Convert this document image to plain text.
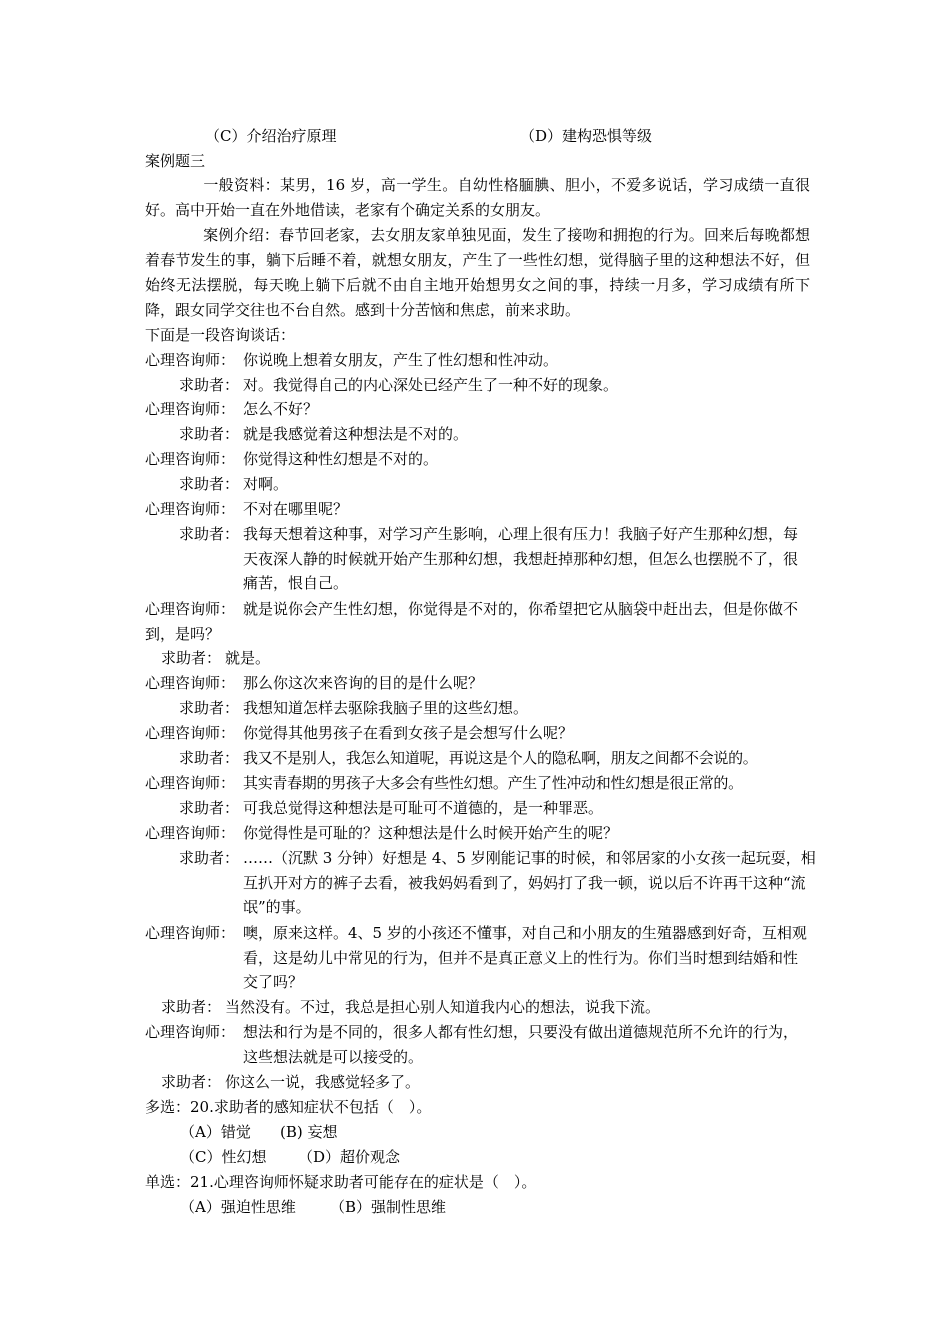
（C）介绍治疗原理	（D）建构恐惧等级
案例题三
一般资料：某男，16 岁，高一学生。自幼性格腼腆、胆小，不爱多说话，学习成绩一直很好。高中开始一直在外地借读，老家有个确定关系的女朋友。
案例介绍：春节回老家，去女朋友家单独见面，发生了接吻和拥抱的行为。回来后每晚都想着春节发生的事，躺下后睡不着，就想女朋友，产生了一些性幻想，觉得脑子里的这种想法不好，但始终无法摆脱，每天晚上躺下后就不由自主地开始想男女之间的事，持续一月多，学习成绩有所下降，跟女同学交往也不台自然。感到十分苦恼和焦虑，前来求助。
下面是一段咨询谈话：
心理咨询师： 你说晚上想着女朋友，产生了性幻想和性冲动。
求助者： 对。我觉得自己的内心深处已经产生了一种不好的现象。
心理咨询师： 怎么不好？
求助者： 就是我感觉着这种想法是不对的。
心理咨询师： 你觉得这种性幻想是不对的。
求助者： 对啊。
心理咨询师： 不对在哪里呢？
求助者： 我每天想着这种事，对学习产生影响，心理上很有压力！我脑子好产生那种幻想，每天夜深人静的时候就开始产生那种幻想，我想赶掉那种幻想，但怎么也摆脱不了，很痛苦，恨自己。
就是说你会产生性幻想，你觉得是不对的，你希望把它从脑袋中赶出去，但是你做不到，是吗？
心理咨询师：
求助者： 就是。
心理咨询师： 那么你这次来咨询的目的是什么呢？
求助者： 我想知道怎样去驱除我脑子里的这些幻想。
心理咨询师： 你觉得其他男孩子在看到女孩子是会想写什么呢？
求助者： 我又不是别人，我怎么知道呢，再说这是个人的隐私啊，朋友之间都不会说的。
心理咨询师： 其实青春期的男孩子大多会有些性幻想。产生了性冲动和性幻想是很正常的。
求助者： 可我总觉得这种想法是可耻可不道德的，是一种罪恶。
心理咨询师： 你觉得性是可耻的？这种想法是什么时候开始产生的呢？
求助者： ……（沉默 3 分钟）好想是 4、5 岁刚能记事的时候，和邻居家的小女孩一起玩耍，相互扒开对方的裤子去看，被我妈妈看到了，妈妈打了我一顿，说以后不许再干这种“流氓”的事。
心理咨询师： 噢，原来这样。4、5 岁的小孩还不懂事，对自己和小朋友的生殖器感到好奇，互相观看，这是幼儿中常见的行为，但并不是真正意义上的性行为。你们当时想到结婚和性交了吗？
求助者： 当然没有。不过，我总是担心别人知道我内心的想法，说我下流。
心理咨询师： 想法和行为是不同的，很多人都有性幻想，只要没有做出道德规范所不允许的行为，这些想法就是可以接受的。
求助者： 你这么一说，我感觉轻多了。
多选：20.求助者的感知症状不包括（　）。
（A）错觉 (B) 妄想
（C）性幻想 （D）超价观念
单选：21.心理咨询师怀疑求助者可能存在的症状是（　）。
（A）强迫性思维 （B）强制性思维
